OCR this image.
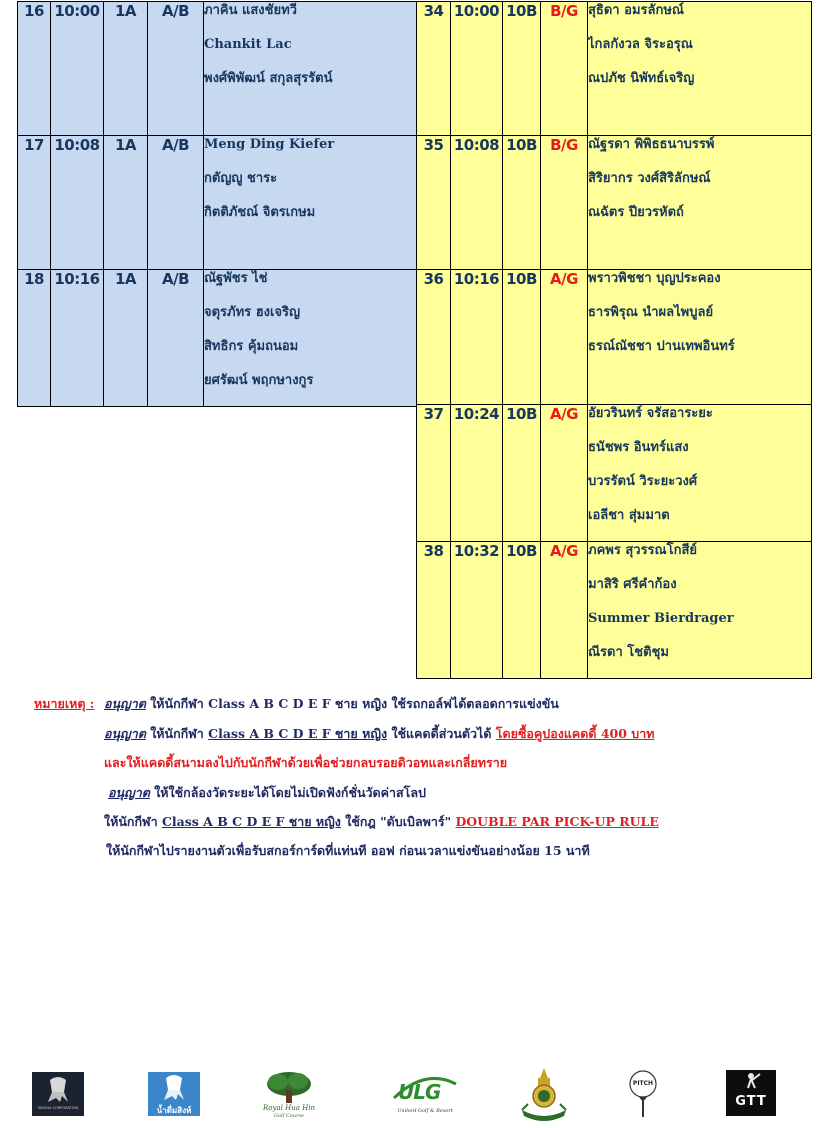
16	10:00	1A	A/B	ภาคิน แสงชัยทวี
Chankit Lac
พงศ์พิพัฒน์ สกุลสุรรัตน์

17	10:08	1A	A/B	Meng Ding Kiefer
กตัญญู ชาระ
กิตติภัชณ์ จิตรเกษม

18	10:16	1A	A/B	ณัฐพัชร ไช่
จตุรภัทร ฮงเจริญ
สิทธิกร คุ้มถนอม
ยศรัฒน์ พฤกษางกูร
34	10:00	10B	B/G	สุธิดา อมรลักษณ์
ไกลกังวล จิระอรุณ
ณปภัช นิพัทธ์เจริญ

35	10:08	10B	B/G	ณัฐรดา พิพิธธนาบรรพ์
สิริยากร วงศ์สิริลักษณ์
ณฉัตร ปียวรหัตถ์

36	10:16	10B	A/G	พราวพิชชา บุญประคอง
ธารพิรุณ นำผลไพบูลย์
ธรณ์ณัชชา ปานเทพอินทร์

37	10:24	10B	A/G	อัยวรินทร์ จรัสอาระยะ
ธนัชพร อินทร์แสง
บวรรัตน์ วิระยะวงศ์
เอลีชา สุ่มมาต

38	10:32	10B	A/G	ภคพร สุวรรณโกสีย์
มาสิริ ศรีคำก้อง
Summer Bierdrager
ณีรดา โชติชุม
หมายเหตุ : อนุญาต ให้นักกีฬา Class A B C D E F ชาย หญิง ใช้รถกอล์ฟได้ตลอดการแข่งขัน
อนุญาต ให้นักกีฬา Class A B C D E F ชาย หญิง ใช้แคดดี้ส่วนตัวได้ โดยซื้อคูปองแคดดี้ 400 บาท
และให้แคดดี้สนามลงไปกับนักกีฬาด้วยเพื่อช่วยกลบรอยดิวอทและเกลี่ยทราย
อนุญาต ให้ใช้กล้องวัดระยะได้โดยไม่เปิดฟังก์ชั่นวัดค่าสโลป
ให้นักกีฬา Class A B C D E F ชาย หญิง ใช้กฎ "ดับเบิลพาร์" DOUBLE PAR PICK-UP RULE
ให้นักกีฬาไปรายงานตัวเพื่อรับสกอร์การ์ดที่แท่นที ออฟ ก่อนเวลาแข่งขันอย่างน้อย 15 นาที
SINGHA CORPORATION	น้ำดื่มสิงห์	Royal Hua Hin
Golf Course
ULG
Unilord Golf & Resort
PITCH
GTT
